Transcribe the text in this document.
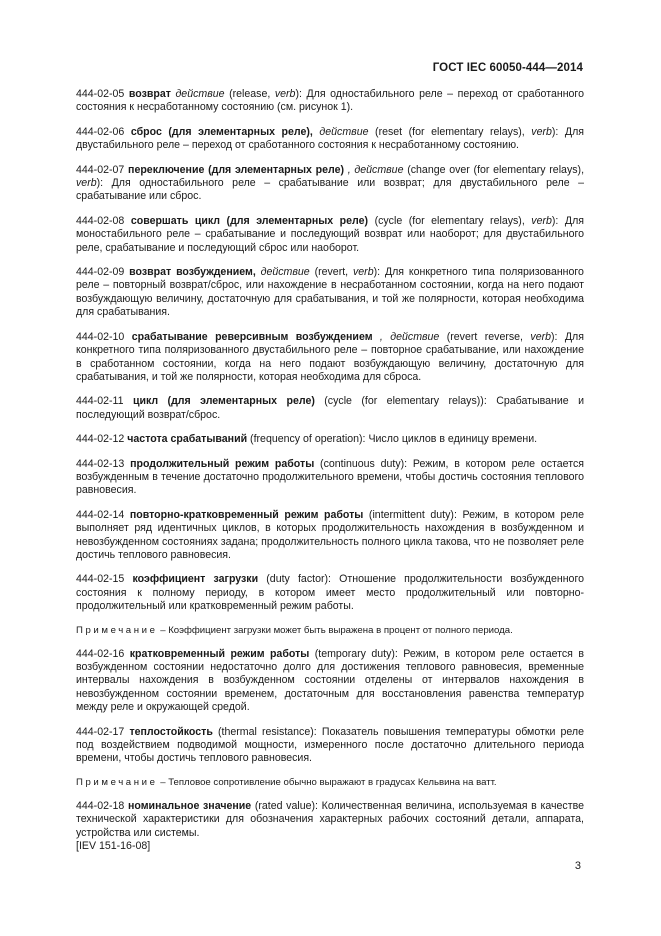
ГОСТ IEC 60050-444—2014

444-02-05 возврат действие (release, verb): Для одностабильного реле – переход от сработанного состояния к несработанному состоянию (см. рисунок 1).

444-02-06 сброс (для элементарных реле), действие (reset (for elementary relays), verb): Для двустабильного реле – переход от сработанного состояния к несработанному состоянию.

444-02-07 переключение (для элементарных реле) , действие (change over (for elementary relays), verb): Для одностабильного реле – срабатывание или возврат; для двустабильного реле – срабатывание или сброс.

444-02-08 совершать цикл (для элементарных реле) (cycle (for elementary relays), verb): Для моностабильного реле – срабатывание и последующий возврат или наоборот; для двустабильного реле, срабатывание и последующий сброс или наоборот.

444-02-09 возврат возбуждением, действие (revert, verb): Для конкретного типа поляризованного реле – повторный возврат/сброс, или нахождение в несработанном состоянии, когда на него подают возбуждающую величину, достаточную для срабатывания, и той же полярности, которая необходима для срабатывания.

444-02-10 срабатывание реверсивным возбуждением , действие (revert reverse, verb): Для конкретного типа поляризованного двустабильного реле – повторное срабатывание, или нахождение в сработанном состоянии, когда на него подают возбуждающую величину, достаточную для срабатывания, и той же полярности, которая необходима для сброса.

444-02-11 цикл (для элементарных реле) (cycle (for elementary relays)): Срабатывание и последующий возврат/сброс.

444-02-12 частота срабатываний (frequency of operation): Число циклов в единицу времени.

444-02-13 продолжительный режим работы (continuous duty): Режим, в котором реле остается возбужденным в течение достаточно продолжительного времени, чтобы достичь состояния теплового равновесия.

444-02-14 повторно-кратковременный режим работы (intermittent duty): Режим, в котором реле выполняет ряд идентичных циклов, в которых продолжительность нахождения в возбужденном и невозбужденном состояниях задана; продолжительность полного цикла такова, что не позволяет реле достичь теплового равновесия.

444-02-15 коэффициент загрузки (duty factor): Отношение продолжительности возбужденного состояния к полному периоду, в котором имеет место продолжительный или повторно-продолжительный или кратковременный режим работы.

Примечание – Коэффициент загрузки может быть выражена в процент от полного периода.

444-02-16 кратковременный режим работы (temporary duty): Режим, в котором реле остается в возбужденном состоянии недостаточно долго для достижения теплового равновесия, временные интервалы нахождения в возбужденном состоянии отделены от интервалов нахождения в невозбужденном состоянии временем, достаточным для восстановления равенства температур между реле и окружающей средой.

444-02-17 теплостойкость (thermal resistance): Показатель повышения температуры обмотки реле под воздействием подводимой мощности, измеренного после достаточно длительного периода времени, чтобы достичь теплового равновесия.

Примечание – Тепловое сопротивление обычно выражают в градусах Кельвина на ватт.

444-02-18 номинальное значение (rated value): Количественная величина, используемая в качестве технической характеристики для обозначения характерных рабочих состояний детали, аппарата, устройства или системы.

[IEV 151-16-08]
3
